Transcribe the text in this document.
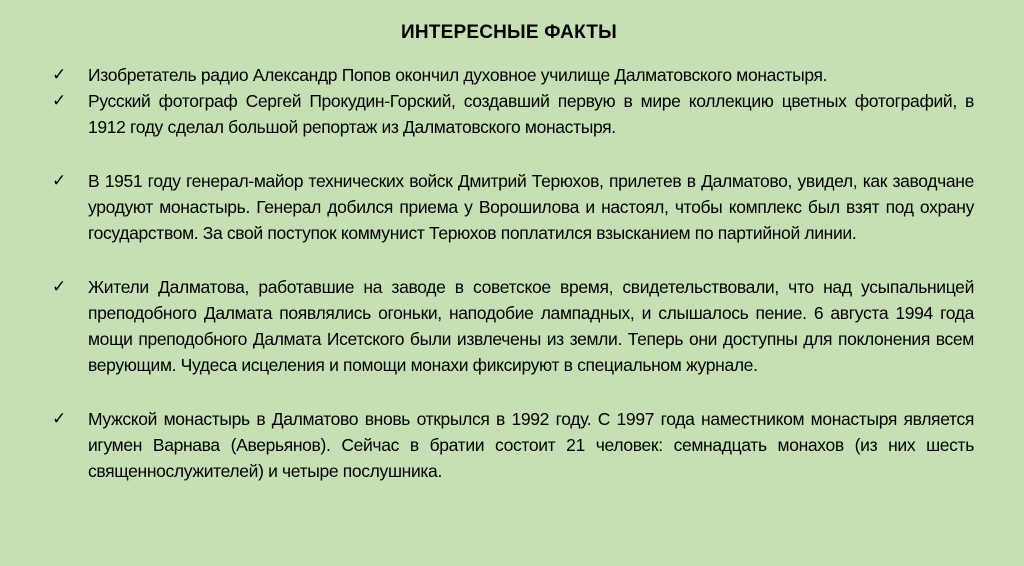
ИНТЕРЕСНЫЕ ФАКТЫ
✓ Изобретатель радио Александр Попов окончил духовное училище Далматовского монастыря.
✓ Русский фотограф Сергей Прокудин-Горский, создавший первую в мире коллекцию цветных фотографий, в 1912 году сделал большой репортаж из Далматовского монастыря.
✓ В 1951 году генерал-майор технических войск Дмитрий Терюхов, прилетев в Далматово, увидел, как заводчане уродуют монастырь. Генерал добился приема у Ворошилова и настоял, чтобы комплекс был взят под охрану государством. За свой поступок коммунист Терюхов поплатился взысканием по партийной линии.
✓ Жители Далматова, работавшие на заводе в советское время, свидетельствовали, что над усыпальницей преподобного Далмата появлялись огоньки, наподобие лампадных, и слышалось пение. 6 августа 1994 года мощи преподобного Далмата Исетского были извлечены из земли. Теперь они доступны для поклонения всем верующим. Чудеса исцеления и помощи монахи фиксируют в специальном журнале.
✓ Мужской монастырь в Далматово вновь открылся в 1992 году. С 1997 года наместником монастыря является игумен Варнава (Аверьянов). Сейчас в братии состоит 21 человек: семнадцать монахов (из них шесть священнослужителей) и четыре послушника.
